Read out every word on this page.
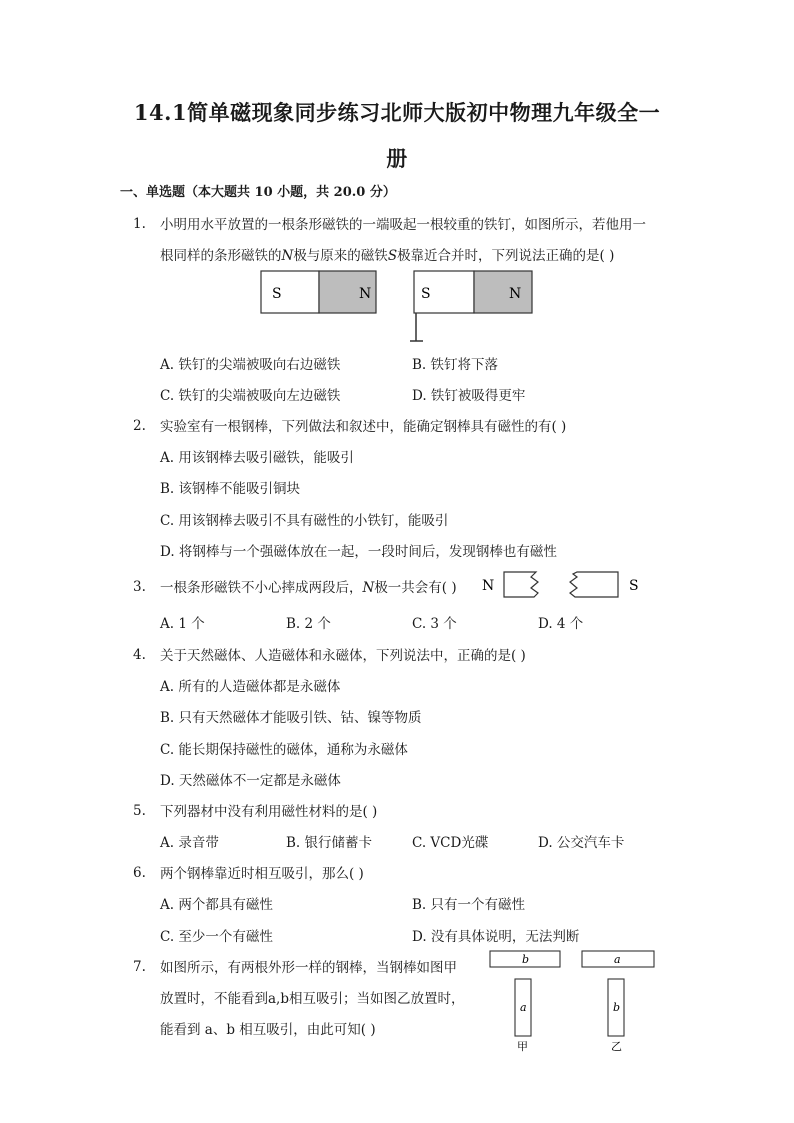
14.1简单磁现象同步练习北师大版初中物理九年级全一
册
一、单选题（本大题共 10 小题，共 20.0 分）
1. 小明用水平放置的一根条形磁铁的一端吸起一根较重的铁钉，如图所示，若他用一
根同样的条形磁铁的N极与原来的磁铁S极靠近合并时，下列说法正确的是( )
S	N	S	N
A. 铁钉的尖端被吸向右边磁铁	B. 铁钉将下落
C. 铁钉的尖端被吸向左边磁铁	D. 铁钉被吸得更牢
2. 实验室有一根钢棒，下列做法和叙述中，能确定钢棒具有磁性的有( )
A. 用该钢棒去吸引磁铁，能吸引
B. 该钢棒不能吸引铜块
C. 用该钢棒去吸引不具有磁性的小铁钉，能吸引
D. 将钢棒与一个强磁体放在一起，一段时间后，发现钢棒也有磁性
3. 一根条形磁铁不小心摔成两段后，N极一共会有( ) N	S
A. 1 个	B. 2 个	C. 3 个	D. 4 个
4. 关于天然磁体、人造磁体和永磁体，下列说法中，正确的是( )
A. 所有的人造磁体都是永磁体
B. 只有天然磁体才能吸引铁、钴、镍等物质
C. 能长期保持磁性的磁体，通称为永磁体
D. 天然磁体不一定都是永磁体
5. 下列器材中没有利用磁性材料的是( )
A. 录音带	B. 银行储蓄卡	C. VCD光碟	D. 公交汽车卡
6. 两个钢棒靠近时相互吸引，那么( )
A. 两个都具有磁性	B. 只有一个有磁性
C. 至少一个有磁性	D. 没有具体说明，无法判断
7. 如图所示，有两根外形一样的钢棒，当钢棒如图甲
放置时，不能看到a,b相互吸引；当如图乙放置时，
能看到 a、b 相互吸引，由此可知( )
b
a
甲
a
b
乙
